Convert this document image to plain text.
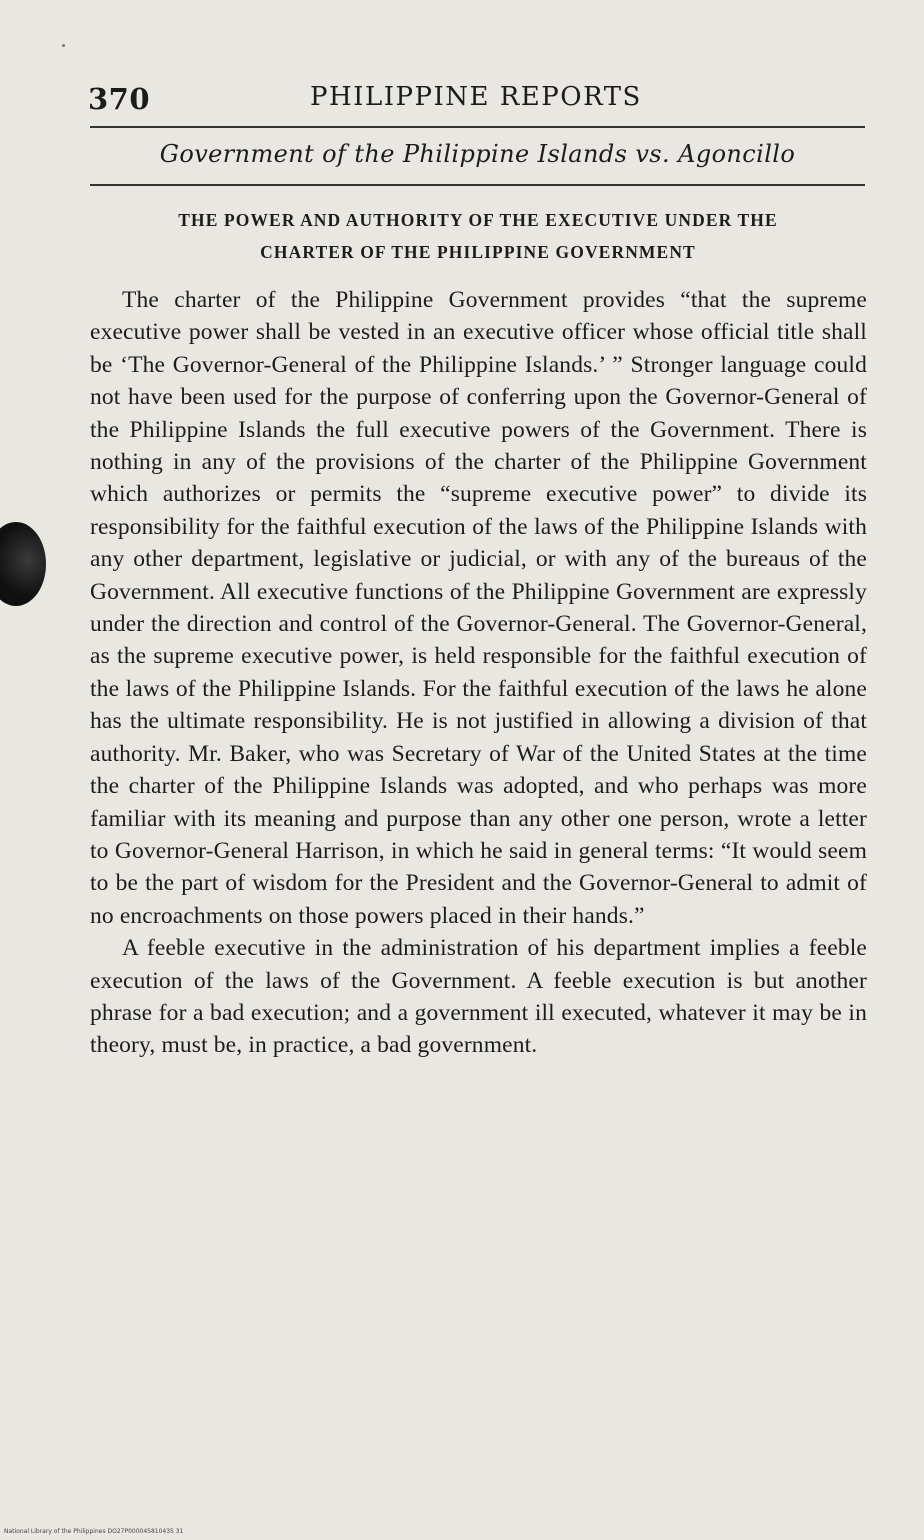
370	PHILIPPINE REPORTS
Government of the Philippine Islands vs. Agoncillo
THE POWER AND AUTHORITY OF THE EXECUTIVE UNDER THE
CHARTER OF THE PHILIPPINE GOVERNMENT

The charter of the Philippine Government provides “that the supreme executive power shall be vested in an executive officer whose official title shall be ‘The Governor-General of the Philippine Islands.’ ” Stronger language could not have been used for the purpose of conferring upon the Governor-General of the Philippine Islands the full executive powers of the Government. There is nothing in any of the provisions of the charter of the Philippine Government which authorizes or permits the “supreme executive power” to divide its responsibility for the faithful execution of the laws of the Philippine Islands with any other department, legislative or judicial, or with any of the bureaus of the Government. All executive functions of the Philippine Government are expressly under the direction and control of the Governor-General. The Governor-General, as the supreme executive power, is held responsible for the faithful execution of the laws of the Philippine Islands. For the faithful execution of the laws he alone has the ultimate responsibility. He is not justified in allowing a division of that authority. Mr. Baker, who was Secretary of War of the United States at the time the charter of the Philippine Islands was adopted, and who perhaps was more familiar with its meaning and purpose than any other one person, wrote a letter to Governor-General Harrison, in which he said in general terms: “It would seem to be the part of wisdom for the President and the Governor-General to admit of no encroachments on those powers placed in their hands.”

A feeble executive in the administration of his department implies a feeble execution of the laws of the Government. A feeble execution is but another phrase for a bad execution; and a government ill executed, whatever it may be in theory, must be, in practice, a bad government.

National Library of the Philippines DO27P000045810435 31
